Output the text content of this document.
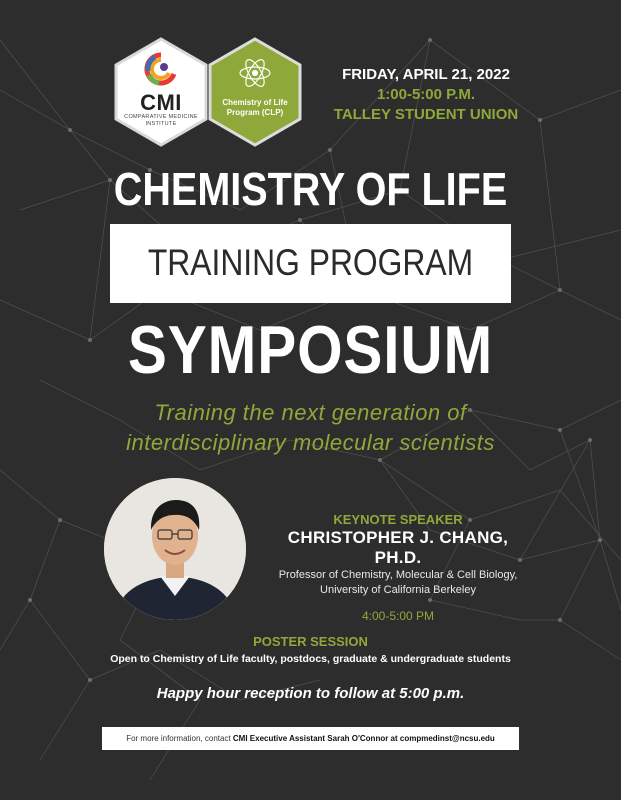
CMI
COMPARATIVE MEDICINE
INSTITUTE
Chemistry of Life
Program (CLP)
FRIDAY, APRIL 21, 2022
1:00-5:00 P.M.
TALLEY STUDENT UNION
CHEMISTRY OF LIFE
TRAINING PROGRAM
SYMPOSIUM
Training the next generation of
interdisciplinary molecular scientists
KEYNOTE SPEAKER
CHRISTOPHER J. CHANG, PH.D.
Professor of Chemistry, Molecular & Cell Biology,
University of California Berkeley
4:00-5:00 PM
POSTER SESSION
Open to Chemistry of Life faculty, postdocs, graduate & undergraduate students
Happy hour reception to follow at 5:00 p.m.
For more information, contact CMI Executive Assistant Sarah O'Connor at compmedinst@ncsu.edu
